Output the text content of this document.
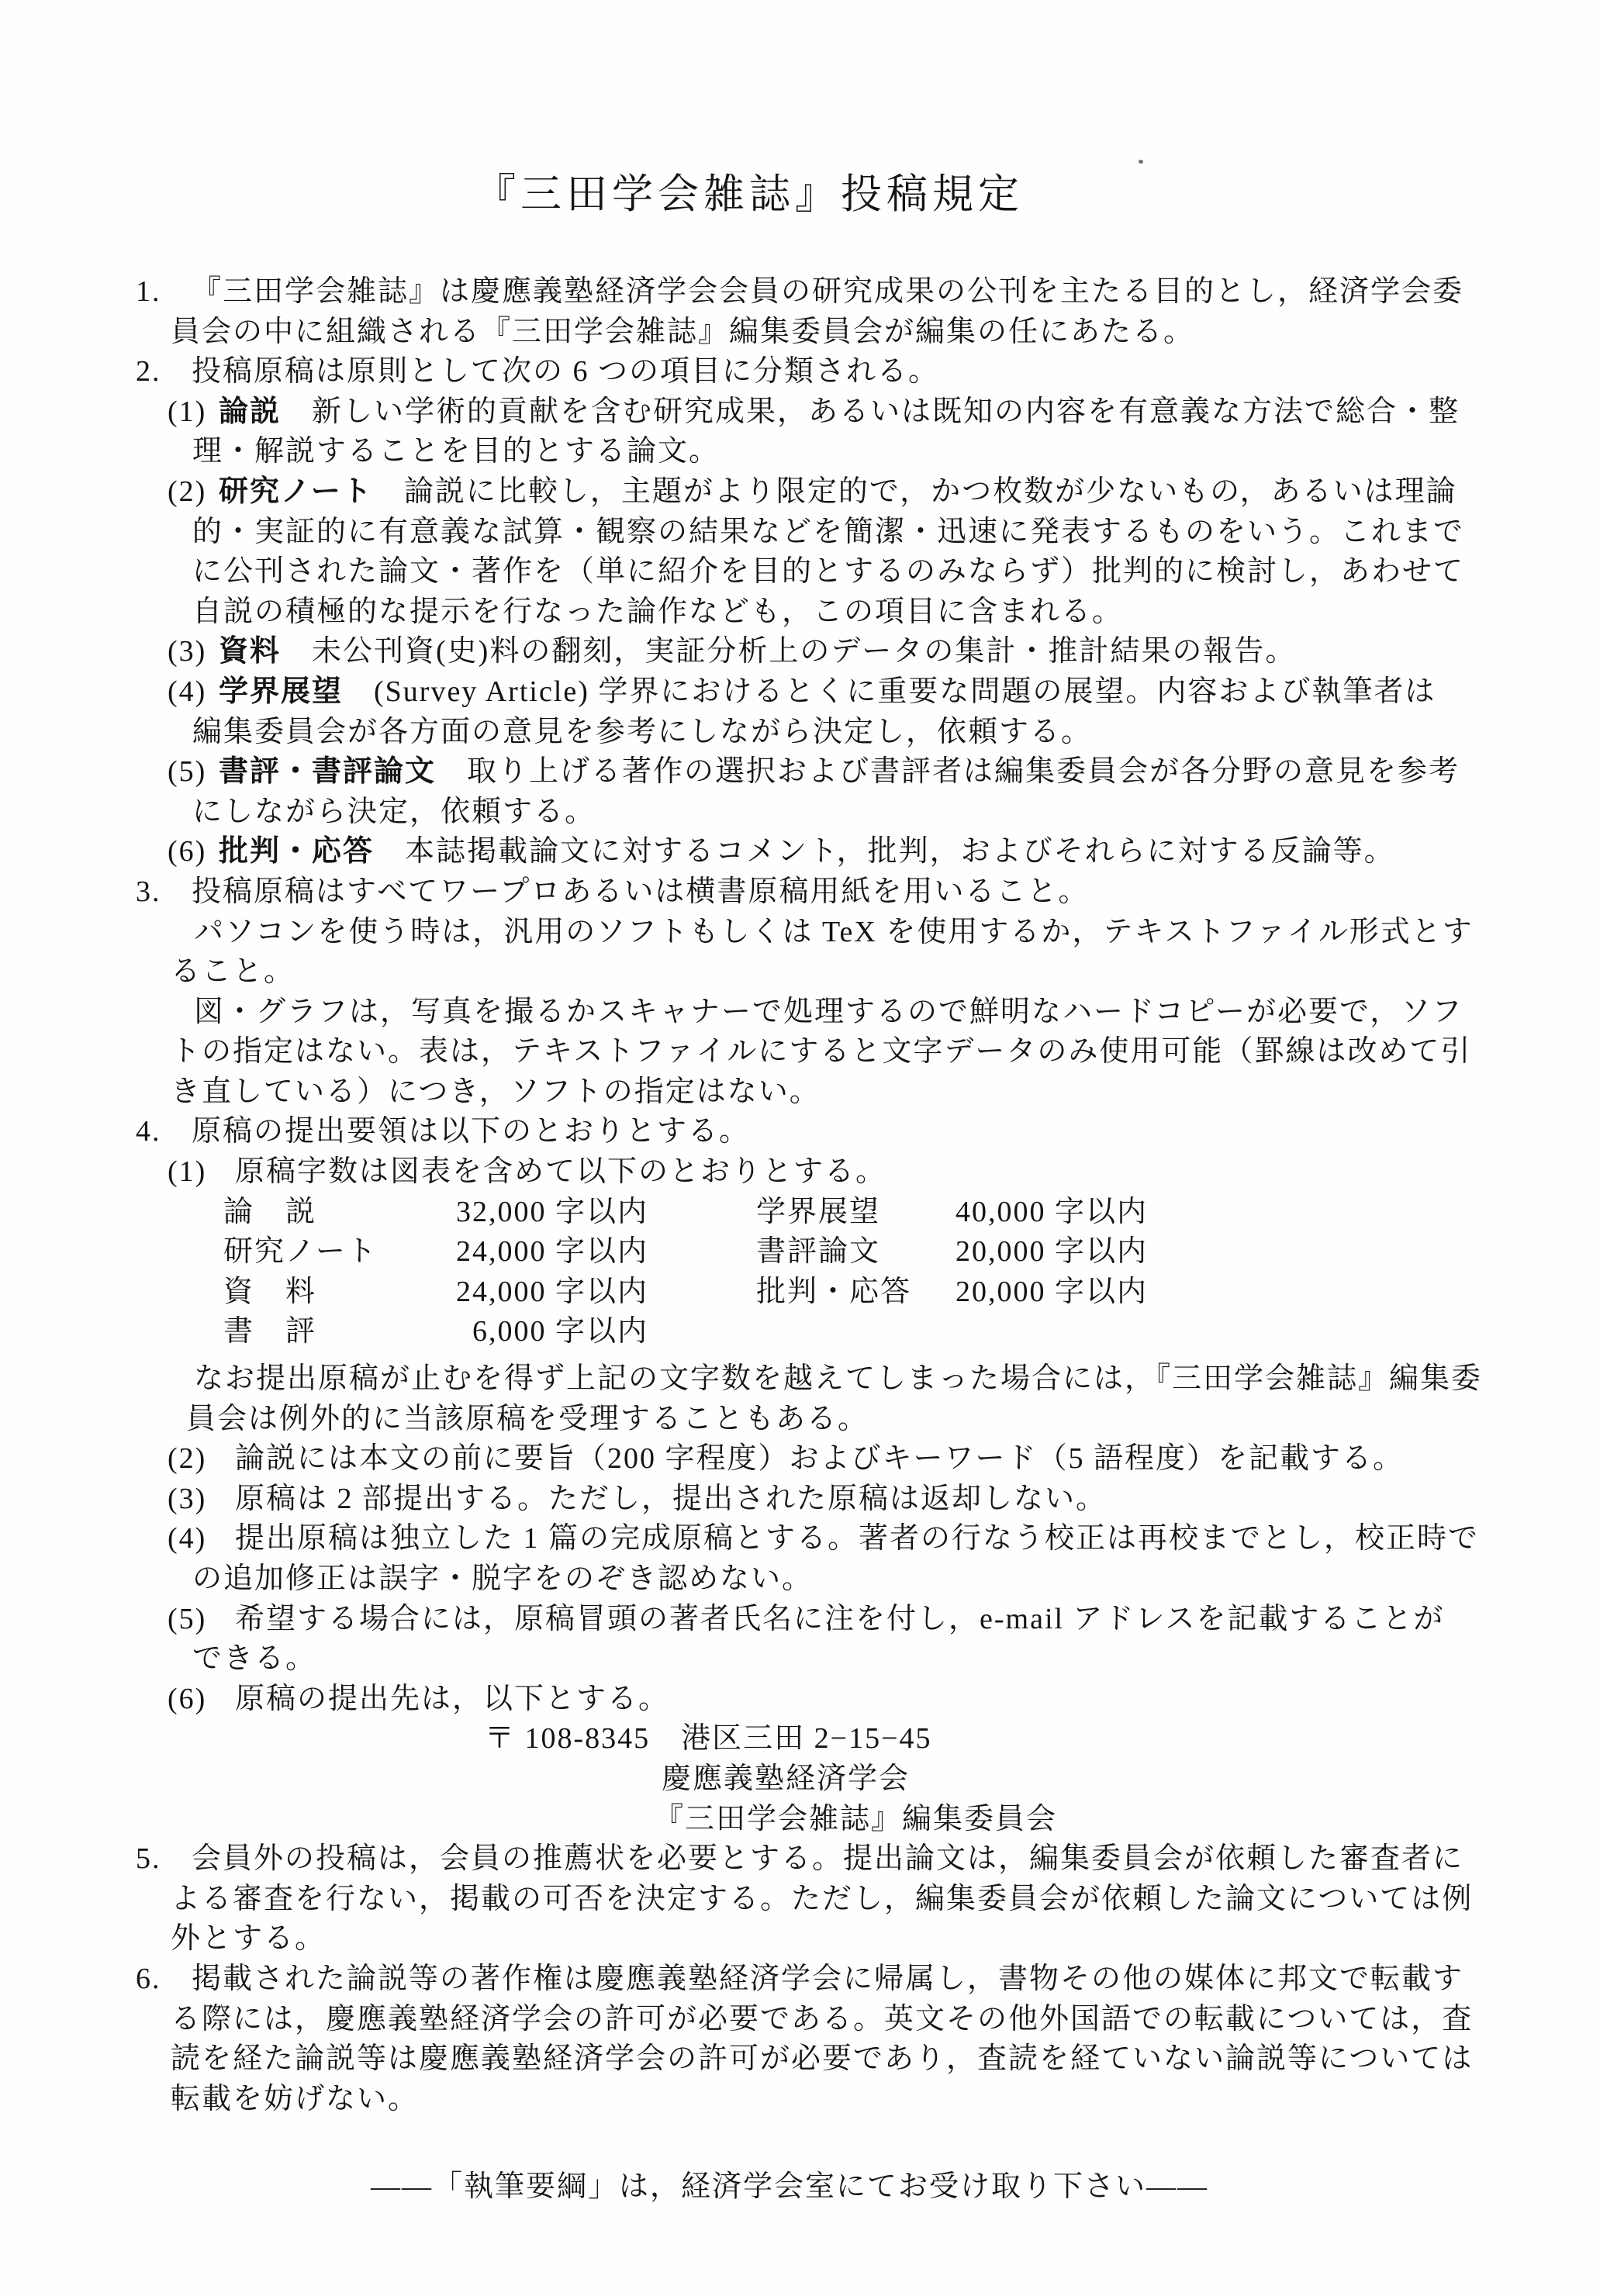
『三田学会雑誌』投稿規定
1. 『三田学会雑誌』は慶應義塾経済学会会員の研究成果の公刊を主たる目的とし，経済学会委
員会の中に組織される『三田学会雑誌』編集委員会が編集の任にあたる。
2. 投稿原稿は原則として次の 6 つの項目に分類される。
(1) 論説 新しい学術的貢献を含む研究成果，あるいは既知の内容を有意義な方法で総合・整
理・解説することを目的とする論文。
(2) 研究ノート 論説に比較し，主題がより限定的で，かつ枚数が少ないもの，あるいは理論
的・実証的に有意義な試算・観察の結果などを簡潔・迅速に発表するものをいう。これまで
に公刊された論文・著作を（単に紹介を目的とするのみならず）批判的に検討し，あわせて
自説の積極的な提示を行なった論作なども，この項目に含まれる。
(3) 資料 未公刊資(史)料の翻刻，実証分析上のデータの集計・推計結果の報告。
(4) 学界展望 (Survey Article) 学界におけるとくに重要な問題の展望。内容および執筆者は
編集委員会が各方面の意見を参考にしながら決定し，依頼する。
(5) 書評・書評論文 取り上げる著作の選択および書評者は編集委員会が各分野の意見を参考
にしながら決定，依頼する。
(6) 批判・応答 本誌掲載論文に対するコメント，批判，およびそれらに対する反論等。
3. 投稿原稿はすべてワープロあるいは横書原稿用紙を用いること。
パソコンを使う時は，汎用のソフトもしくは TeX を使用するか，テキストファイル形式とす
ること。
図・グラフは，写真を撮るかスキャナーで処理するので鮮明なハードコピーが必要で，ソフ
トの指定はない。表は，テキストファイルにすると文字データのみ使用可能（罫線は改めて引
き直している）につき，ソフトの指定はない。
4. 原稿の提出要領は以下のとおりとする。
(1) 原稿字数は図表を含めて以下のとおりとする。
論　説	32,000 字以内	学界展望	40,000 字以内
研究ノート	24,000 字以内	書評論文	20,000 字以内
資　料	24,000 字以内	批判・応答 20,000 字以内
書　評	6,000 字以内
なお提出原稿が止むを得ず上記の文字数を越えてしまった場合には，『三田学会雑誌』編集委
員会は例外的に当該原稿を受理することもある。
(2) 論説には本文の前に要旨（200 字程度）およびキーワード（5 語程度）を記載する。
(3) 原稿は 2 部提出する。ただし，提出された原稿は返却しない。
(4) 提出原稿は独立した 1 篇の完成原稿とする。著者の行なう校正は再校までとし，校正時で
の追加修正は誤字・脱字をのぞき認めない。
(5) 希望する場合には，原稿冒頭の著者氏名に注を付し，e-mail アドレスを記載することが
できる。
(6) 原稿の提出先は，以下とする。
〒 108-8345　港区三田 2−15−45
慶應義塾経済学会
『三田学会雑誌』編集委員会
5. 会員外の投稿は，会員の推薦状を必要とする。提出論文は，編集委員会が依頼した審査者に
よる審査を行ない，掲載の可否を決定する。ただし，編集委員会が依頼した論文については例
外とする。
6. 掲載された論説等の著作権は慶應義塾経済学会に帰属し，書物その他の媒体に邦文で転載す
る際には，慶應義塾経済学会の許可が必要である。英文その他外国語での転載については，査
読を経た論説等は慶應義塾経済学会の許可が必要であり，査読を経ていない論説等については
転載を妨げない。
――「執筆要綱」は，経済学会室にてお受け取り下さい――
